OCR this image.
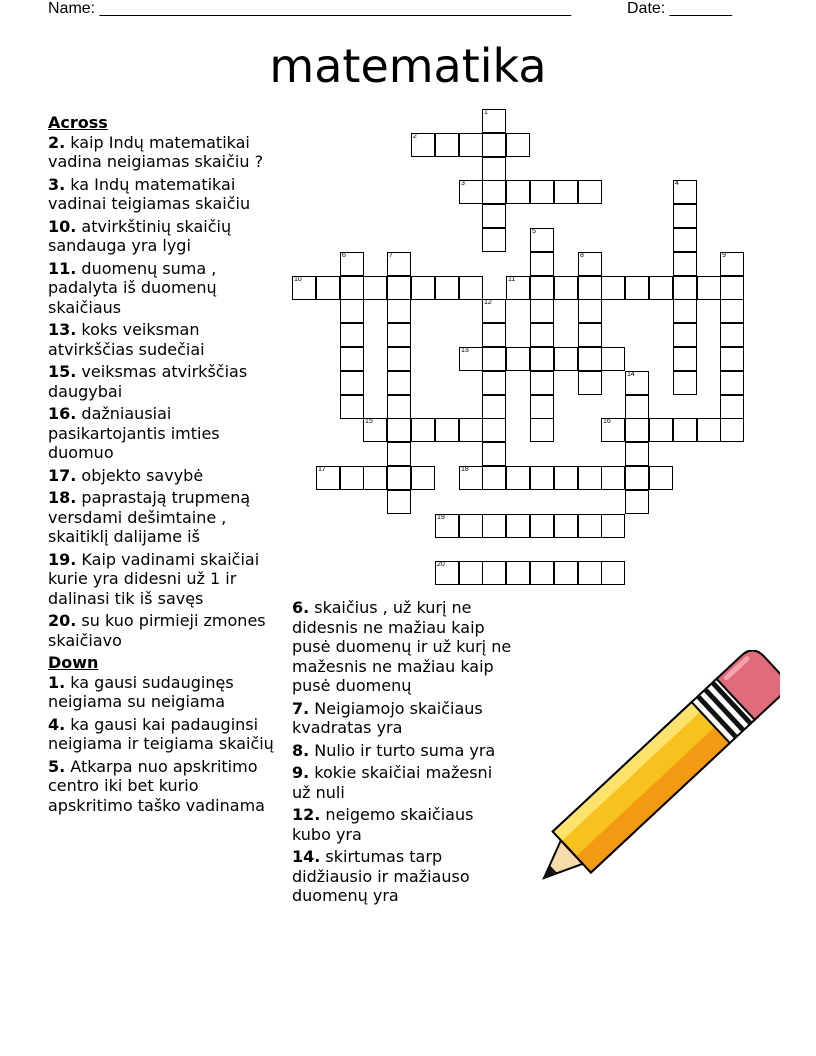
Name: _____________________________________________________	Date: _______
matematika
1
2
3	4
5
6	7	8	9
10	11
12
13
14
15	16
17	18
19
20
Across
2. kaip Indų matematikai vadina neigiamas skaičiu ?
3. ka Indų matematikai vadinai teigiamas skaičiu
10. atvirkštinių skaičių sandauga yra lygi
11. duomenų suma , padalyta iš duomenų skaičiaus
13. koks veiksman atvirkščias sudečiai
15. veiksmas atvirkščias daugybai
16. dažniausiai pasikartojantis imties duomuo
17. objekto savybė
18. paprastają trupmeną versdami dešimtaine , skaitiklį dalijame iš
19. Kaip vadinami skaičiai kurie yra didesni už 1 ir dalinasi tik iš savęs
20. su kuo pirmieji zmones skaičiavo
Down
1. ka gausi sudauginęs neigiama su neigiama
4. ka gausi kai padauginsi neigiama ir teigiama skaičių
5. Atkarpa nuo apskritimo centro iki bet kurio apskritimo taško vadinama
6. skaičius , už kurį ne didesnis ne mažiau kaip pusė duomenų ir už kurį ne mažesnis ne mažiau kaip pusė duomenų
7. Neigiamojo skaičiaus kvadratas yra
8. Nulio ir turto suma yra
9. kokie skaičiai mažesni už nuli
12. neigemo skaičiaus kubo yra
14. skirtumas tarp didžiausio ir mažiauso duomenų yra
